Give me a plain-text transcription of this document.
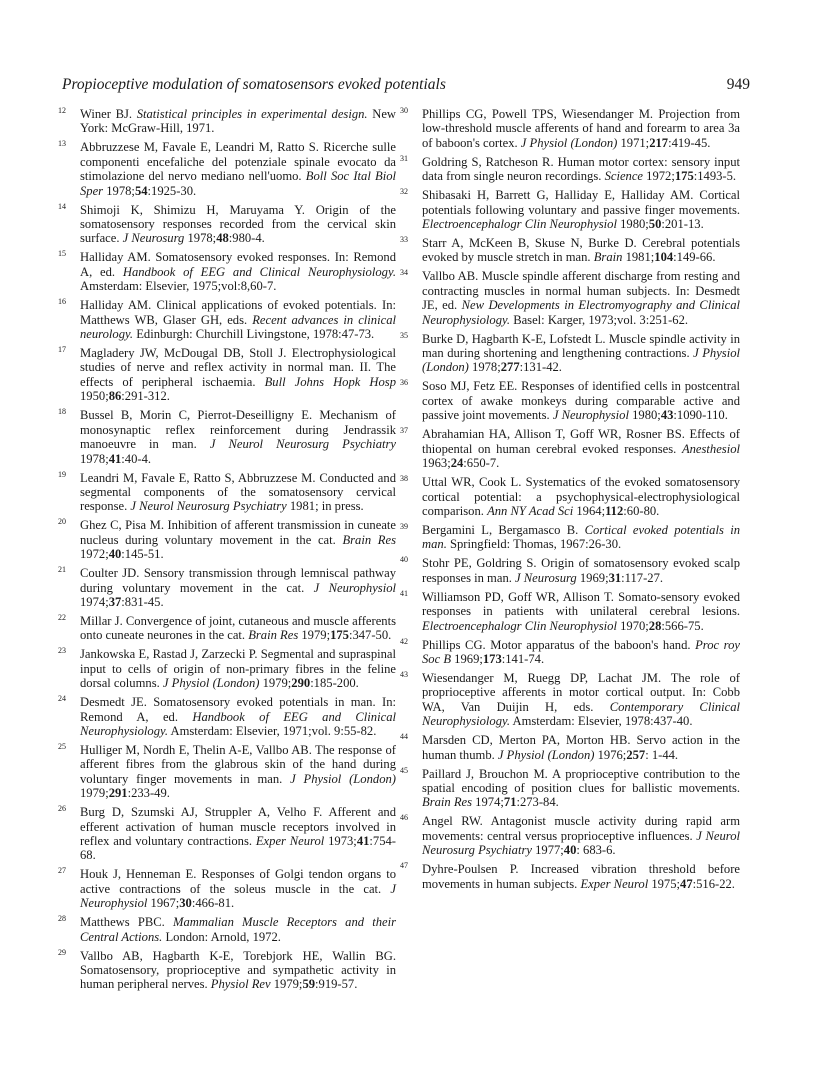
Propioceptive modulation of somatosensors evoked potentials	949
12 Winer BJ. Statistical principles in experimental design. New York: McGraw-Hill, 1971.
13 Abbruzzese M, Favale E, Leandri M, Ratto S. Ricerche sulle componenti encefaliche del potenziale spinale evocato da stimolazione del nervo mediano nell'uomo. Boll Soc Ital Biol Sper 1978;54:1925-30.
14 Shimoji K, Shimizu H, Maruyama Y. Origin of the somatosensory responses recorded from the cervical skin surface. J Neurosurg 1978;48:980-4.
15 Halliday AM. Somatosensory evoked responses. In: Remond A, ed. Handbook of EEG and Clinical Neurophysiology. Amsterdam: Elsevier, 1975;vol:8,60-7.
16 Halliday AM. Clinical applications of evoked potentials. In: Matthews WB, Glaser GH, eds. Recent advances in clinical neurology. Edinburgh: Churchill Livingstone, 1978:47-73.
17 Magladery JW, McDougal DB, Stoll J. Electrophysiological studies of nerve and reflex activity in normal man. II. The effects of peripheral ischaemia. Bull Johns Hopk Hosp 1950;86:291-312.
18 Bussel B, Morin C, Pierrot-Deseilligny E. Mechanism of monosynaptic reflex reinforcement during Jendrassik manoeuvre in man. J Neurol Neurosurg Psychiatry 1978;41:40-4.
19 Leandri M, Favale E, Ratto S, Abbruzzese M. Conducted and segmental components of the somatosensory cervical response. J Neurol Neurosurg Psychiatry 1981; in press.
20 Ghez C, Pisa M. Inhibition of afferent transmission in cuneate nucleus during voluntary movement in the cat. Brain Res 1972;40:145-51.
21 Coulter JD. Sensory transmission through lemniscal pathway during voluntary movement in the cat. J Neurophysiol 1974;37:831-45.
22 Millar J. Convergence of joint, cutaneous and muscle afferents onto cuneate neurones in the cat. Brain Res 1979;175:347-50.
23 Jankowska E, Rastad J, Zarzecki P. Segmental and supraspinal input to cells of origin of non-primary fibres in the feline dorsal columns. J Physiol (London) 1979;290:185-200.
24 Desmedt JE. Somatosensory evoked potentials in man. In: Remond A, ed. Handbook of EEG and Clinical Neurophysiology. Amsterdam: Elsevier, 1971;vol. 9:55-82.
25 Hulliger M, Nordh E, Thelin A-E, Vallbo AB. The response of afferent fibres from the glabrous skin of the hand during voluntary finger movements in man. J Physiol (London) 1979;291:233-49.
26 Burg D, Szumski AJ, Struppler A, Velho F. Afferent and efferent activation of human muscle receptors involved in reflex and voluntary contractions. Exper Neurol 1973;41:754-68.
27 Houk J, Henneman E. Responses of Golgi tendon organs to active contractions of the soleus muscle in the cat. J Neurophysiol 1967;30:466-81.
28 Matthews PBC. Mammalian Muscle Receptors and their Central Actions. London: Arnold, 1972.
29 Vallbo AB, Hagbarth K-E, Torebjork HE, Wallin BG. Somatosensory, proprioceptive and sympathetic activity in human peripheral nerves. Physiol Rev 1979;59:919-57.
30 Phillips CG, Powell TPS, Wiesendanger M. Projection from low-threshold muscle afferents of hand and forearm to area 3a of baboon's cortex. J Physiol (London) 1971;217:419-45.
31 Goldring S, Ratcheson R. Human motor cortex: sensory input data from single neuron recordings. Science 1972;175:1493-5.
32 Shibasaki H, Barrett G, Halliday E, Halliday AM. Cortical potentials following voluntary and passive finger movements. Electroencephalogr Clin Neurophysiol 1980;50:201-13.
33 Starr A, McKeen B, Skuse N, Burke D. Cerebral potentials evoked by muscle stretch in man. Brain 1981;104:149-66.
34 Vallbo AB. Muscle spindle afferent discharge from resting and contracting muscles in normal human subjects. In: Desmedt JE, ed. New Developments in Electromyography and Clinical Neurophysiology. Basel: Karger, 1973;vol. 3:251-62.
35 Burke D, Hagbarth K-E, Lofstedt L. Muscle spindle activity in man during shortening and lengthening contractions. J Physiol (London) 1978;277:131-42.
36 Soso MJ, Fetz EE. Responses of identified cells in postcentral cortex of awake monkeys during comparable active and passive joint movements. J Neurophysiol 1980;43:1090-110.
37 Abrahamian HA, Allison T, Goff WR, Rosner BS. Effects of thiopental on human cerebral evoked responses. Anesthesiol 1963;24:650-7.
38 Uttal WR, Cook L. Systematics of the evoked somatosensory cortical potential: a psychophysical-electrophysiological comparison. Ann NY Acad Sci 1964;112:60-80.
39 Bergamini L, Bergamasco B. Cortical evoked potentials in man. Springfield: Thomas, 1967:26-30.
40 Stohr PE, Goldring S. Origin of somatosensory evoked scalp responses in man. J Neurosurg 1969;31:117-27.
41 Williamson PD, Goff WR, Allison T. Somato-sensory evoked responses in patients with unilateral cerebral lesions. Electroencephalogr Clin Neurophysiol 1970;28:566-75.
42 Phillips CG. Motor apparatus of the baboon's hand. Proc roy Soc B 1969;173:141-74.
43 Wiesendanger M, Ruegg DP, Lachat JM. The role of proprioceptive afferents in motor cortical output. In: Cobb WA, Van Duijin H, eds. Contemporary Clinical Neurophysiology. Amsterdam: Elsevier, 1978:437-40.
44 Marsden CD, Merton PA, Morton HB. Servo action in the human thumb. J Physiol (London) 1976;257: 1-44.
45 Paillard J, Brouchon M. A proprioceptive contribution to the spatial encoding of position clues for ballistic movements. Brain Res 1974;71:273-84.
46 Angel RW. Antagonist muscle activity during rapid arm movements: central versus proprioceptive influences. J Neurol Neurosurg Psychiatry 1977;40: 683-6.
47 Dyhre-Poulsen P. Increased vibration threshold before movements in human subjects. Exper Neurol 1975;47:516-22.
